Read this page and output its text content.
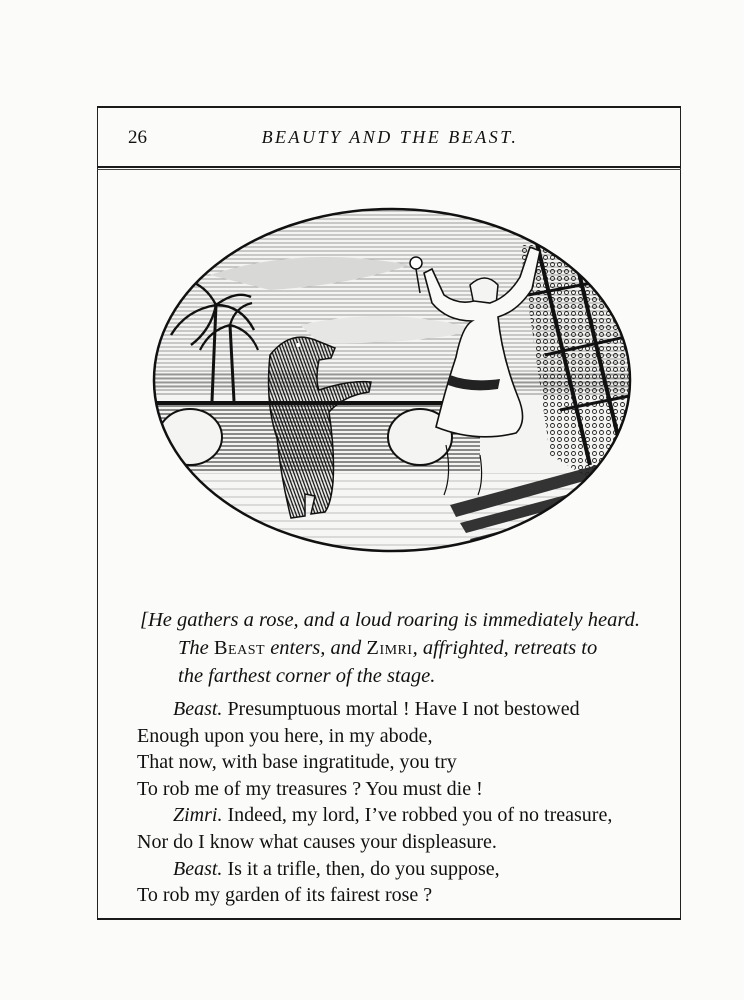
26	BEAUTY AND THE BEAST.
[He gathers a rose, and a loud roaring is immediately heard.
The Beast enters, and Zimri, affrighted, retreats to
the farthest corner of the stage.
Beast. Presumptuous mortal ! Have I not bestowed
Enough upon you here, in my abode,
That now, with base ingratitude, you try
To rob me of my treasures ? You must die !
Zimri. Indeed, my lord, I’ve robbed you of no treasure,
Nor do I know what causes your displeasure.
Beast. Is it a trifle, then, do you suppose,
To rob my garden of its fairest rose ?
